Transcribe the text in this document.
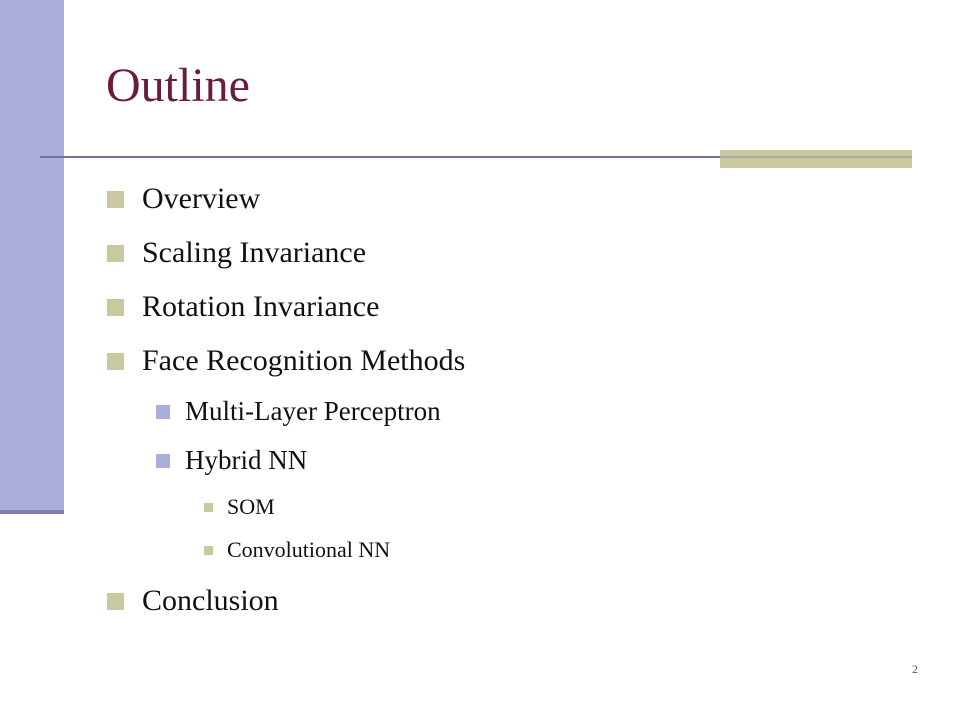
Outline
Overview
Scaling Invariance
Rotation Invariance
Face Recognition Methods
Multi-Layer Perceptron
Hybrid NN
SOM
Convolutional NN
Conclusion
2
